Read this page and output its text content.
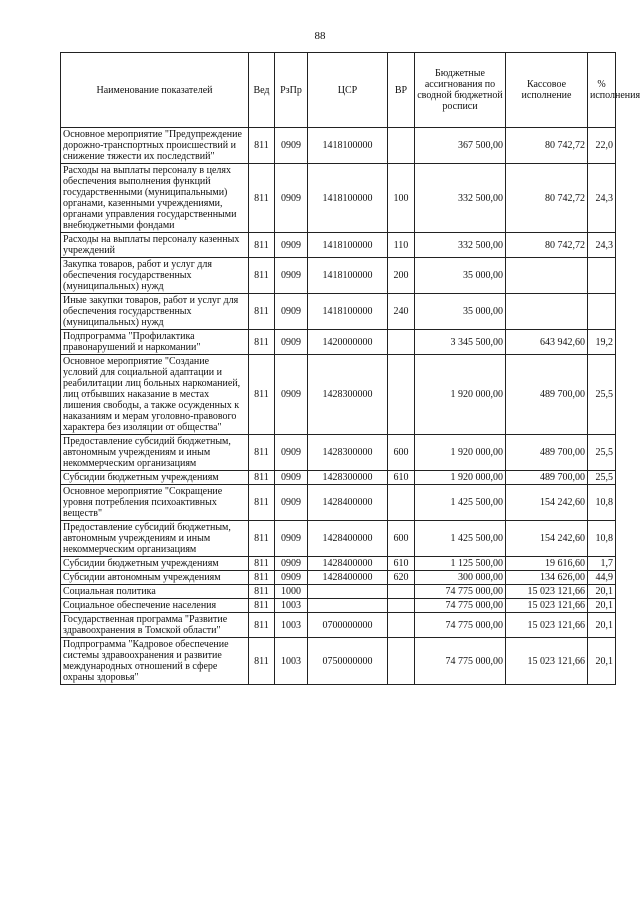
88
Наименование показателей	Вед	РзПр	ЦСР	ВР	Бюджетные ассигнования по сводной бюджетной росписи	Кассовое исполнение	% исполнения
Основное мероприятие "Предупреждение дорожно-транспортных происшествий и снижение тяжести их последствий"	811	0909	1418100000		367 500,00	80 742,72	22,0
Расходы на выплаты персоналу в целях обеспечения выполнения функций государственными (муниципальными) органами, казенными учреждениями, органами управления государственными внебюджетными фондами	811	0909	1418100000	100	332 500,00	80 742,72	24,3
Расходы на выплаты персоналу казенных учреждений	811	0909	1418100000	110	332 500,00	80 742,72	24,3
Закупка товаров, работ и услуг для обеспечения государственных (муниципальных) нужд	811	0909	1418100000	200	35 000,00		
Иные закупки товаров, работ и услуг для обеспечения государственных (муниципальных) нужд	811	0909	1418100000	240	35 000,00		
Подпрограмма "Профилактика правонарушений и наркомании"	811	0909	1420000000		3 345 500,00	643 942,60	19,2
Основное мероприятие "Создание условий для социальной адаптации и реабилитации лиц больных наркоманией, лиц отбывших наказание в местах лишения свободы, а также осужденных к наказаниям и мерам уголовно-правового характера без изоляции от общества"	811	0909	1428300000		1 920 000,00	489 700,00	25,5
Предоставление субсидий бюджетным, автономным учреждениям и иным некоммерческим организациям	811	0909	1428300000	600	1 920 000,00	489 700,00	25,5
Субсидии бюджетным учреждениям	811	0909	1428300000	610	1 920 000,00	489 700,00	25,5
Основное мероприятие "Сокращение уровня потребления психоактивных веществ"	811	0909	1428400000		1 425 500,00	154 242,60	10,8
Предоставление субсидий бюджетным, автономным учреждениям и иным некоммерческим организациям	811	0909	1428400000	600	1 425 500,00	154 242,60	10,8
Субсидии бюджетным учреждениям	811	0909	1428400000	610	1 125 500,00	19 616,60	1,7
Субсидии автономным учреждениям	811	0909	1428400000	620	300 000,00	134 626,00	44,9
Социальная политика	811	1000			74 775 000,00	15 023 121,66	20,1
Социальное обеспечение населения	811	1003			74 775 000,00	15 023 121,66	20,1
Государственная программа "Развитие здравоохранения в Томской области"	811	1003	0700000000		74 775 000,00	15 023 121,66	20,1
Подпрограмма "Кадровое обеспечение системы здравоохранения и развитие международных отношений в сфере охраны здоровья"	811	1003	0750000000		74 775 000,00	15 023 121,66	20,1
